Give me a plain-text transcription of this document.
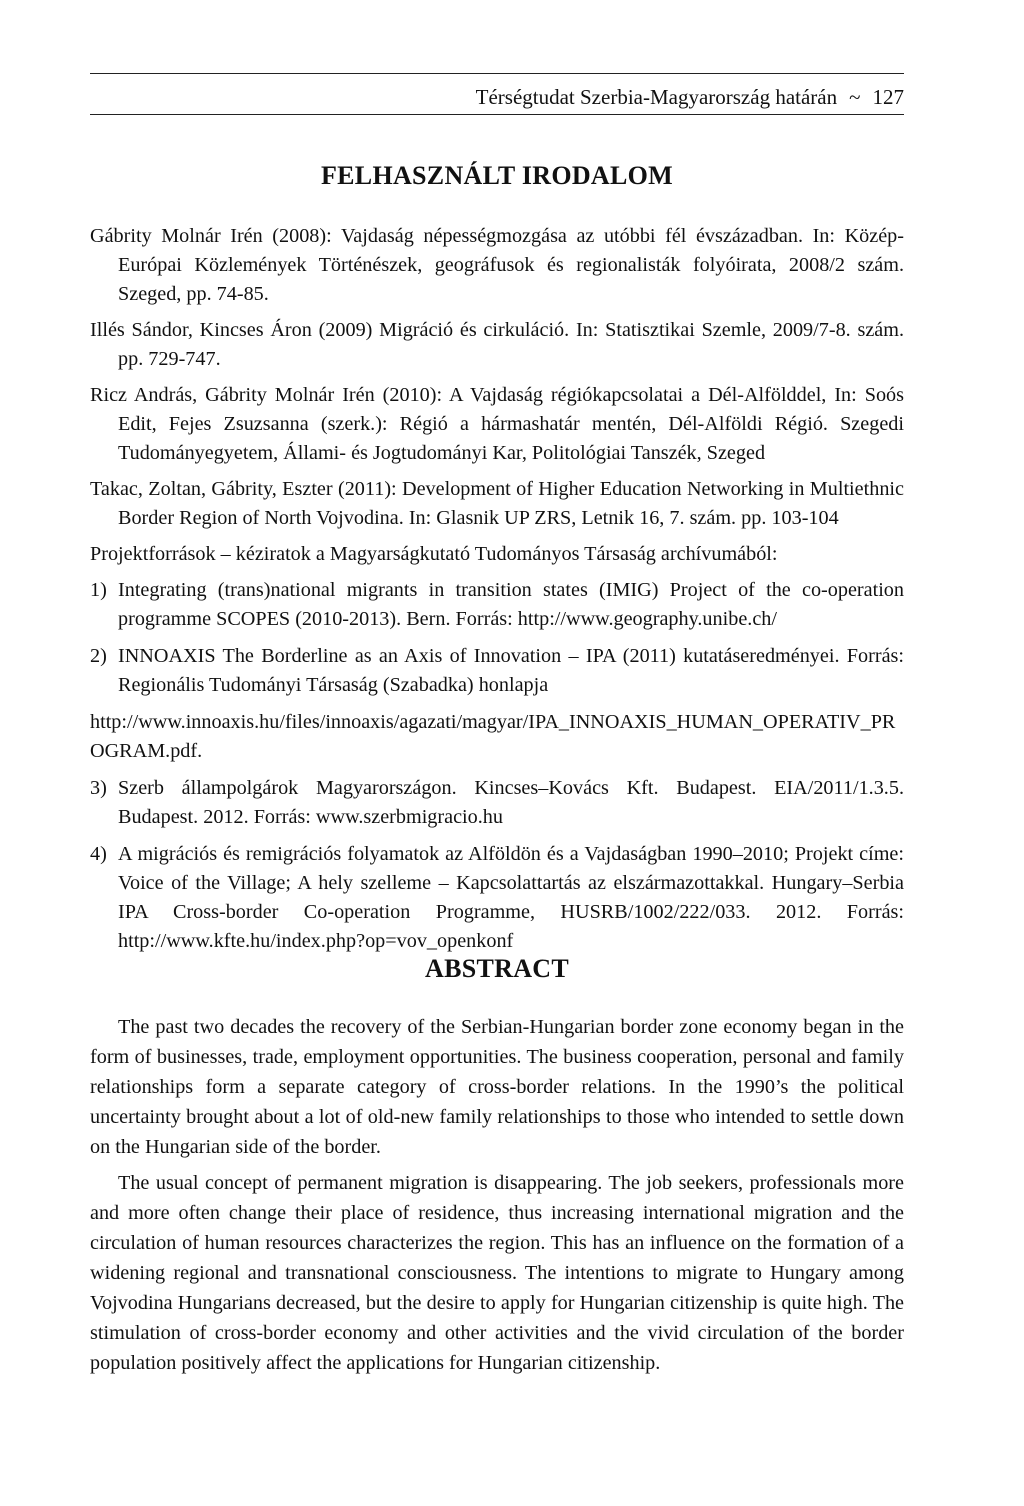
Térségtudat Szerbia-Magyarország határán ~ 127
FELHASZNÁLT IRODALOM

Gábrity Molnár Irén (2008): Vajdaság népességmozgása az utóbbi fél évszázadban. In: Közép-Európai Közlemények Történészek, geográfusok és regionalisták folyóirata, 2008/2 szám. Szeged, pp. 74-85.

Illés Sándor, Kincses Áron (2009) Migráció és cirkuláció. In: Statisztikai Szemle, 2009/7-8. szám. pp. 729-747.

Ricz András, Gábrity Molnár Irén (2010): A Vajdaság régiókapcsolatai a Dél-Alfölddel, In: Soós Edit, Fejes Zsuzsanna (szerk.): Régió a hármashatár mentén, Dél-Alföldi Régió. Szegedi Tudományegyetem, Állami- és Jogtudományi Kar, Politológiai Tanszék, Szeged

Takac, Zoltan, Gábrity, Eszter (2011): Development of Higher Education Networking in Multiethnic Border Region of North Vojvodina. In: Glasnik UP ZRS, Letnik 16, 7. szám. pp. 103-104

Projektforrások – kéziratok a Magyarságkutató Tudományos Társaság archívumából:

1) Integrating (trans)national migrants in transition states (IMIG) Project of the co-operation programme SCOPES (2010-2013). Bern. Forrás: http://www.geography.unibe.ch/
2) INNOAXIS The Borderline as an Axis of Innovation – IPA (2011) kutatáseredményei. Forrás: Regionális Tudományi Társaság (Szabadka) honlapja

http://www.innoaxis.hu/files/innoaxis/agazati/magyar/IPA_INNOAXIS_HUMAN_OPERATIV_PROGRAM.pdf.

3) Szerb állampolgárok Magyarországon. Kincses–Kovács Kft. Budapest. EIA/2011/1.3.5. Budapest. 2012. Forrás: www.szerbmigracio.hu
4) A migrációs és remigrációs folyamatok az Alföldön és a Vajdaságban 1990–2010; Projekt címe: Voice of the Village; A hely szelleme – Kapcsolattartás az elszármazottakkal. Hungary–Serbia IPA Cross-border Co-operation Programme, HUSRB/1002/222/033. 2012. Forrás: http://www.kfte.hu/index.php?op=vov_openkonf
ABSTRACT

The past two decades the recovery of the Serbian-Hungarian border zone economy began in the form of businesses, trade, employment opportunities. The business cooperation, personal and family relationships form a separate category of cross-border relations. In the 1990’s the political uncertainty brought about a lot of old-new family relationships to those who intended to settle down on the Hungarian side of the border.

The usual concept of permanent migration is disappearing. The job seekers, professionals more and more often change their place of residence, thus increasing international migration and the circulation of human resources characterizes the region. This has an influence on the formation of a widening regional and transnational consciousness. The intentions to migrate to Hungary among Vojvodina Hungarians decreased, but the desire to apply for Hungarian citizenship is quite high. The stimulation of cross-border economy and other activities and the vivid circulation of the border population positively affect the applications for Hungarian citizenship.
